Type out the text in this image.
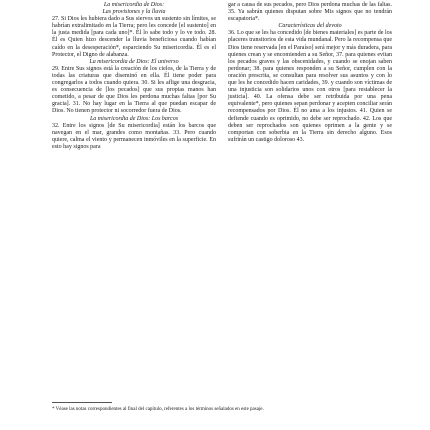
La misericordia de Dios:

Las provisiones y la lluvia

27. Si Dios les hubiera dado a Sus siervos un sustento sin límites, se habrían extralimitado en la Tierra; pero les concede [el sustento] en la justa medida [para cada uno]*. Él lo sabe todo y lo ve todo. 28. Él es Quien hizo descender la lluvia beneficiosa cuando habían caído en la desesperación*, esparciendo Su misericordia. Él es el Protector, el Digno de alabanza.

La misericordia de Dios: El universo

29. Entre Sus signos está la creación de los cielos, de la Tierra y de todas las criaturas que diseminó en ella. Él tiene poder para congregarlos a todos cuando quiera. 30. Si les aflige una desgracia, es consecuencia de [los pecados] que sus propias manos han cometido, a pesar de que Dios les perdona muchas faltas [por Su gracia]. 31. No hay lugar en la Tierra al que puedan escapar de Dios. No tienen protector ni socorredor fuera de Dios.

La misericordia de Dios: Los barcos

32. Entre los signos [de Su misericordia] están los barcos que navegan en el mar, grandes como montañas. 33. Pero cuando quiere, calma el viento y permanecen inmóviles en la superficie. En esto hay signos para

gar a causa de sus pecados, pero Dios perdona muchas de las faltas. 35. Ya sabrán quienes disputan sobre Mis signos que no tendrán escapatoria*.

Características del devoto

36. Lo que se les ha concedido [de bienes materiales] es parte de los placeres transitorios de esta vida mundanal. Pero la recompensa que Dios tiene reservada [en el Paraíso] será mejor y más duradera, para quienes crean y se encomienden a su Señor, 37. para quienes evitan los pecados graves y las obscenidades, y cuando se enojan saben perdonar; 38. para quienes responden a su Señor, cumplen con la oración prescrita, se consultan para resolver sus asuntos y con lo que les he concedido hacen caridades, 39. y cuando son víctimas de una injusticia son solidarios unos con otros [para restablecer la justicia]. 40. La ofensa debe ser retribuida por una pena equivalente*, pero quienes sepan perdonar y acepten conciliar serán recompensados por Dios. Él no ama a los injustos. 41. Quien se defiende cuando es oprimido, no debe ser reprochado. 42. Los que deben ser reprochados son quienes oprimen a la gente y se comportan con soberbia en la Tierra sin derecho alguno. Esos sufrirán un castigo doloroso 43.

* Véase las notas correspondientes al final del capítulo, referentes a los términos señalados en este pasaje.
